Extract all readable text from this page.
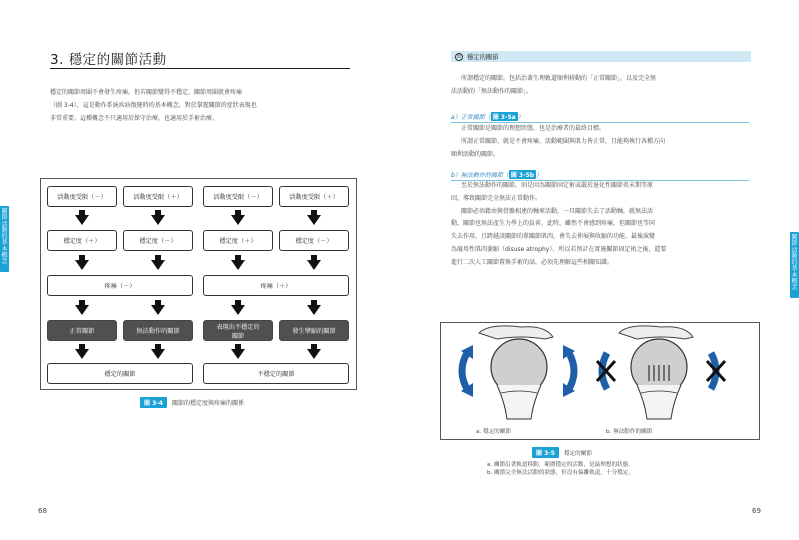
關節活動的基本概念
關節活動的基本概念
3. 穩定的關節活動
穩定的關節周圍不會發生疼痛，但若關節變得不穩定，關節周圍就會疼痛
（圖 3-4），這是動作系統疾病復健時的基本概念，對於掌握關節的症狀表現也
非常重要。這種概念不只適用於保守治療，也適用於手術治療。
活動度受限（－）	活動度受限（＋）	活動度受限（－）	活動度受限（＋）
穩定度（＋）	穩定度（－）	穩定度（＋）	穩定度（－）
疼痛（－）	疼痛（＋）
正常關節	無法動作的關節
表現出不穩定的關節
發生攣縮的關節
穩定的關節	不穩定的關節
圖 3-4	關節的穩定度與疼痛的關係
68
① 穩定的關節
所謂穩定的關節，包括治著生理軌道順利移動的「正常關節」，以及完全無
法活動的「無法動作的關節」。
a）正常關節（ 圖 3-5a ）
正常關節是關節的理想狀態，也是治療者的最終目標。
所謂正常關節，就是不會疼痛、活動範圍與肌力皆正常，且能夠執行各種方向
順利活動的關節。
b）無法動作的關節（ 圖 3-5b ）
至於無法動作的關節，則是因為關節固定術或嚴於退化性關節炎末期等原
因，導致關節完全無法正常動作。
關節必須藉由與骨骼相連的軸來活動，一旦關節失去了活動軸，就無法活
動，關節也無法產生力學上的負荷。此時，雖然不會感到疼痛，但關節也等同
失去作用，且跨越該關節的單關節肌肉，會失去伸展與收縮的功能，最後演變
為廢用性肌肉萎縮（disuse atrophy）。所以若預計在實施關節固定術之後，還要
進行二次人工關節置換手術的話，必須先理解這些相關知識。
a. 穩定的關節	b. 無法動作的關節
圖 3-5	穩定的關節
a. 關節沿著軌道移動，範圍穩定的活動，是最理想的狀態。
b. 關節完全無法活動的狀態，但沒有偏離軌道，十分穩定。
69
